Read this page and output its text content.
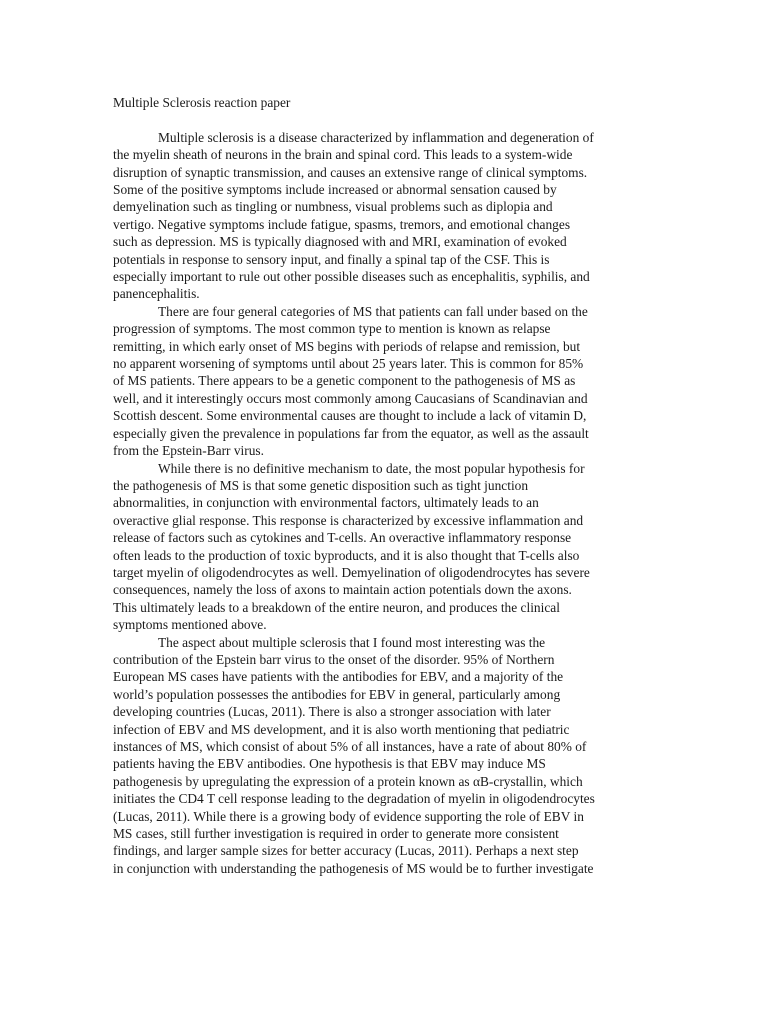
Multiple Sclerosis reaction paper
Multiple sclerosis is a disease characterized by inflammation and degeneration of
the myelin sheath of neurons in the brain and spinal cord. This leads to a system-wide
disruption of synaptic transmission, and causes an extensive range of clinical symptoms.
Some of the positive symptoms include increased or abnormal sensation caused by
demyelination such as tingling or numbness, visual problems such as diplopia and
vertigo. Negative symptoms include fatigue, spasms, tremors, and emotional changes
such as depression. MS is typically diagnosed with and MRI, examination of evoked
potentials in response to sensory input, and finally a spinal tap of the CSF. This is
especially important to rule out other possible diseases such as encephalitis, syphilis, and
panencephalitis.
There are four general categories of MS that patients can fall under based on the
progression of symptoms. The most common type to mention is known as relapse
remitting, in which early onset of MS begins with periods of relapse and remission, but
no apparent worsening of symptoms until about 25 years later. This is common for 85%
of MS patients. There appears to be a genetic component to the pathogenesis of MS as
well, and it interestingly occurs most commonly among Caucasians of Scandinavian and
Scottish descent. Some environmental causes are thought to include a lack of vitamin D,
especially given the prevalence in populations far from the equator, as well as the assault
from the Epstein-Barr virus.
While there is no definitive mechanism to date, the most popular hypothesis for
the pathogenesis of MS is that some genetic disposition such as tight junction
abnormalities, in conjunction with environmental factors, ultimately leads to an
overactive glial response. This response is characterized by excessive inflammation and
release of factors such as cytokines and T-cells. An overactive inflammatory response
often leads to the production of toxic byproducts, and it is also thought that T-cells also
target myelin of oligodendrocytes as well. Demyelination of oligodendrocytes has severe
consequences, namely the loss of axons to maintain action potentials down the axons.
This ultimately leads to a breakdown of the entire neuron, and produces the clinical
symptoms mentioned above.
The aspect about multiple sclerosis that I found most interesting was the
contribution of the Epstein barr virus to the onset of the disorder. 95% of Northern
European MS cases have patients with the antibodies for EBV, and a majority of the
world’s population possesses the antibodies for EBV in general, particularly among
developing countries (Lucas, 2011). There is also a stronger association with later
infection of EBV and MS development, and it is also worth mentioning that pediatric
instances of MS, which consist of about 5% of all instances, have a rate of about 80% of
patients having the EBV antibodies. One hypothesis is that EBV may induce MS
pathogenesis by upregulating the expression of a protein known as αB-crystallin, which
initiates the CD4 T cell response leading to the degradation of myelin in oligodendrocytes
(Lucas, 2011). While there is a growing body of evidence supporting the role of EBV in
MS cases, still further investigation is required in order to generate more consistent
findings, and larger sample sizes for better accuracy (Lucas, 2011). Perhaps a next step
in conjunction with understanding the pathogenesis of MS would be to further investigate
